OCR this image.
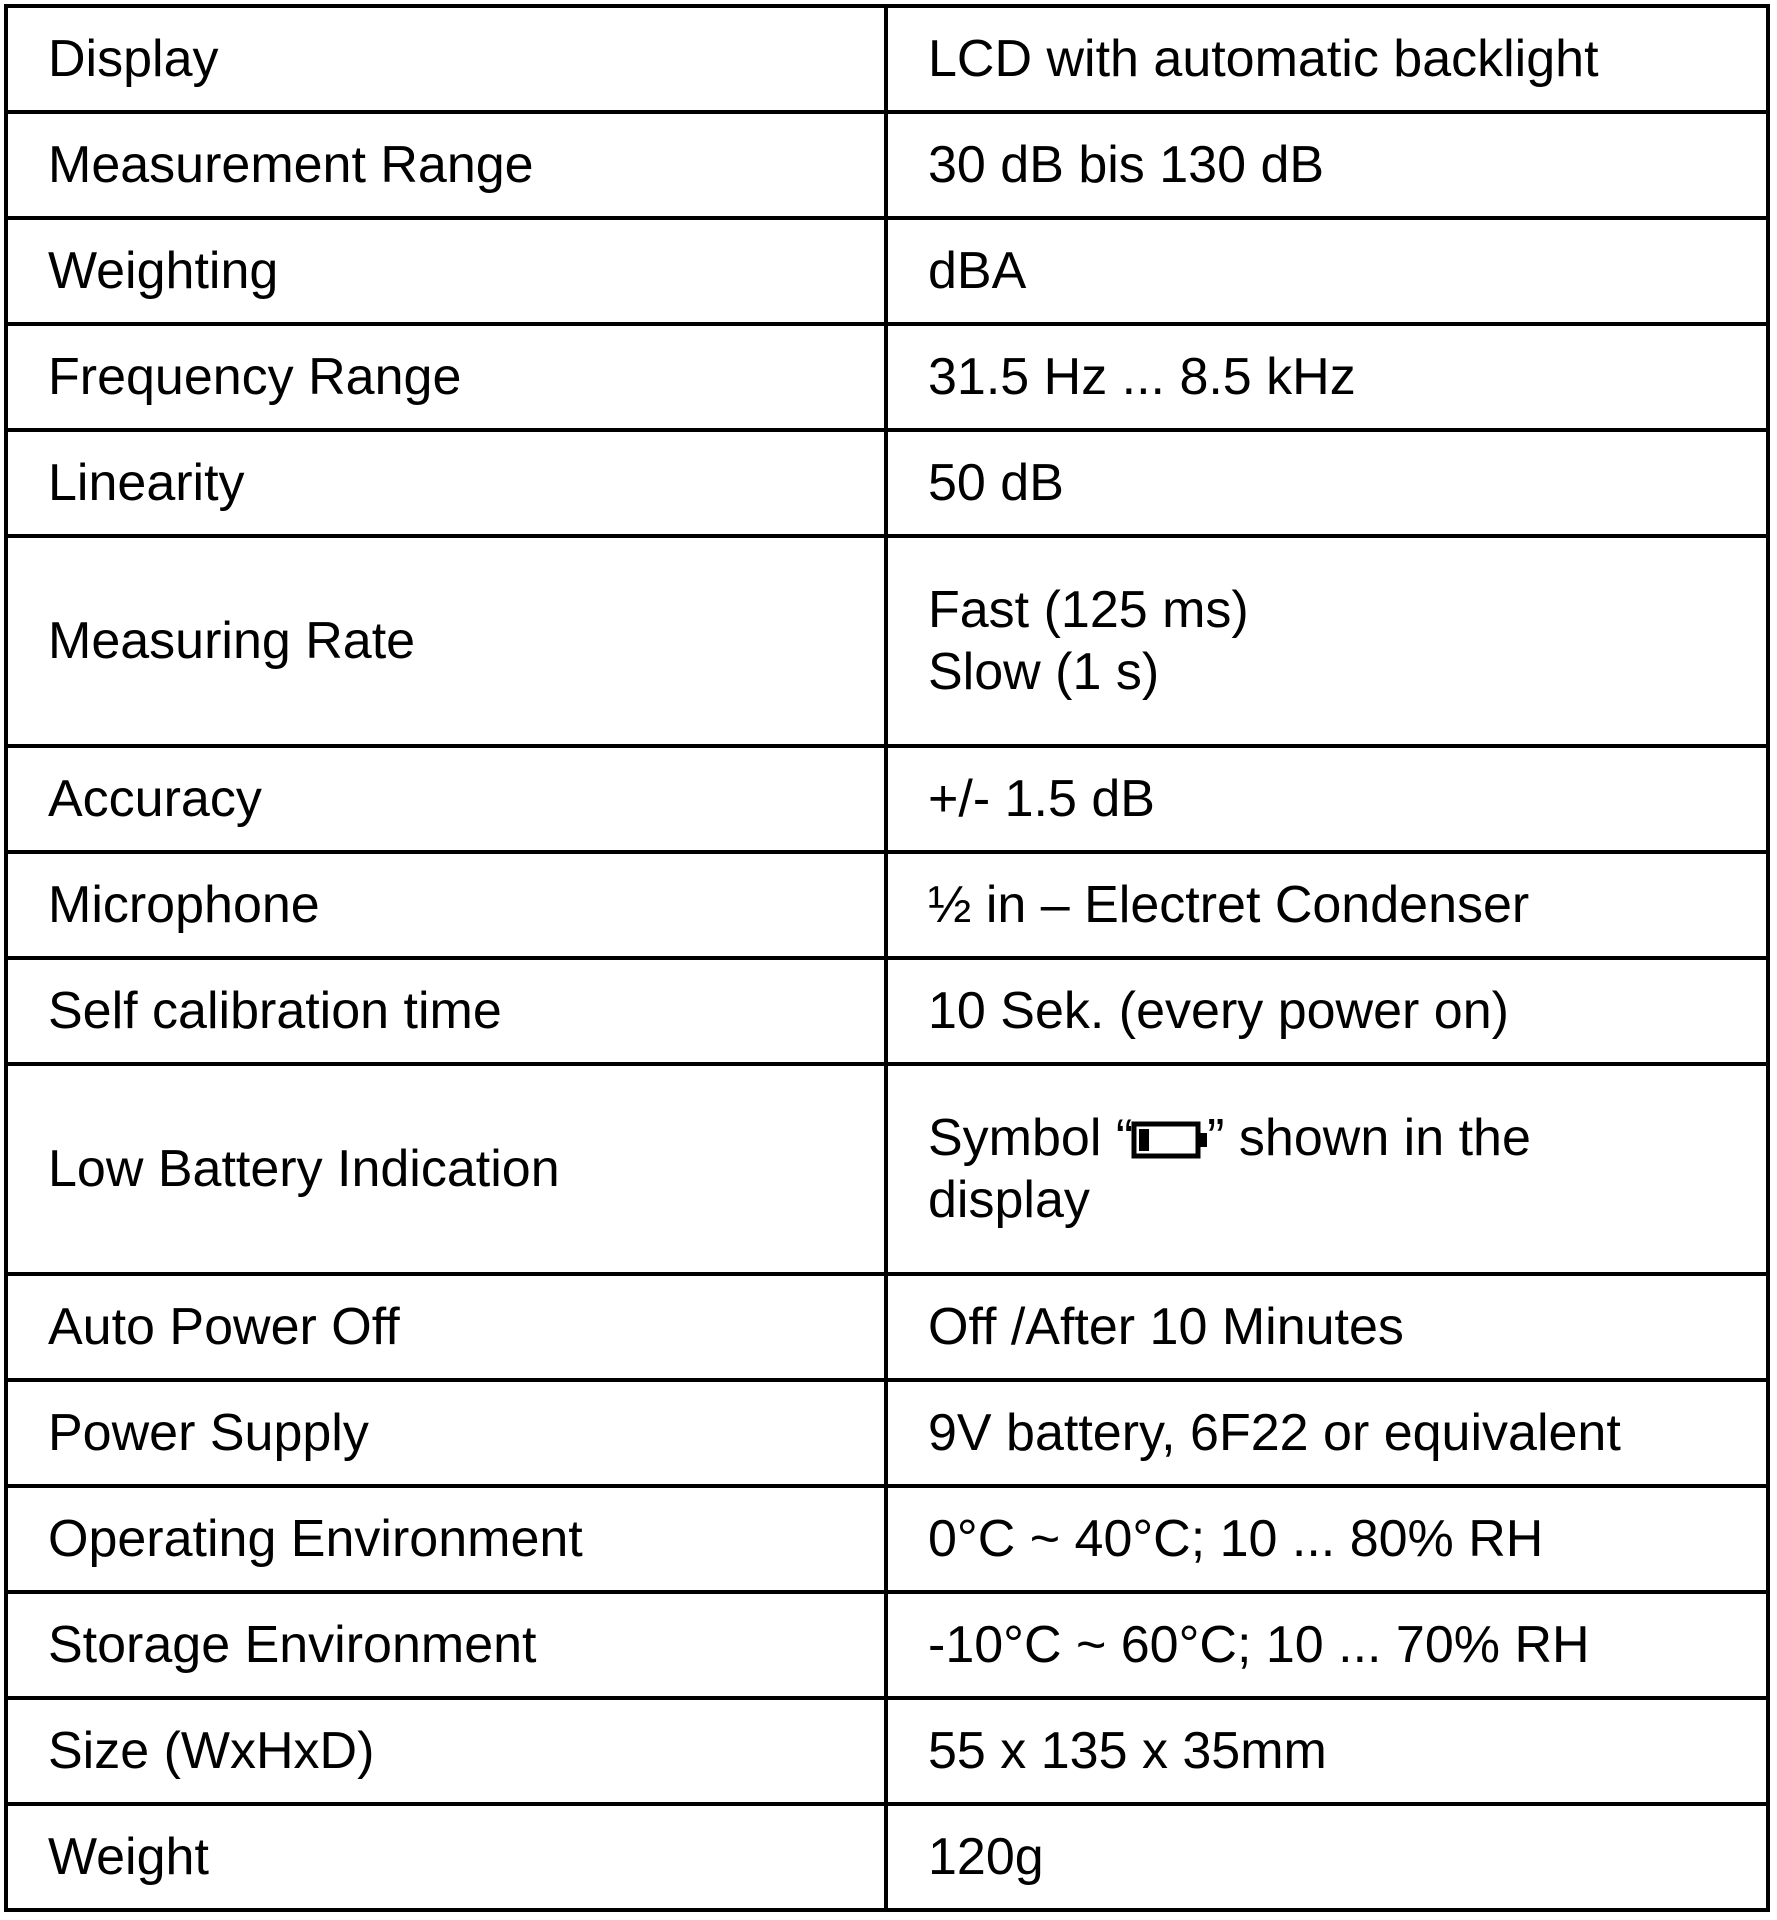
Display	LCD with automatic backlight
Measurement Range	30 dB bis 130 dB
Weighting	dBA
Frequency Range	31.5 Hz ... 8.5 kHz
Linearity	50 dB
Measuring Rate	Fast (125 ms)
Slow (1 s)

Accuracy	+/- 1.5 dB
Microphone	½ in – Electret Condenser
Self calibration time	10 Sek. (every power on)
Low Battery Indication	Symbol “ ” shown in the
display

Auto Power Off	Off /After 10 Minutes
Power Supply	9V battery, 6F22 or equivalent
Operating Environment	0°C ~ 40°C; 10 ... 80% RH
Storage Environment	-10°C ~ 60°C; 10 ... 70% RH
Size (WxHxD)	55 x 135 x 35mm
Weight	120g
